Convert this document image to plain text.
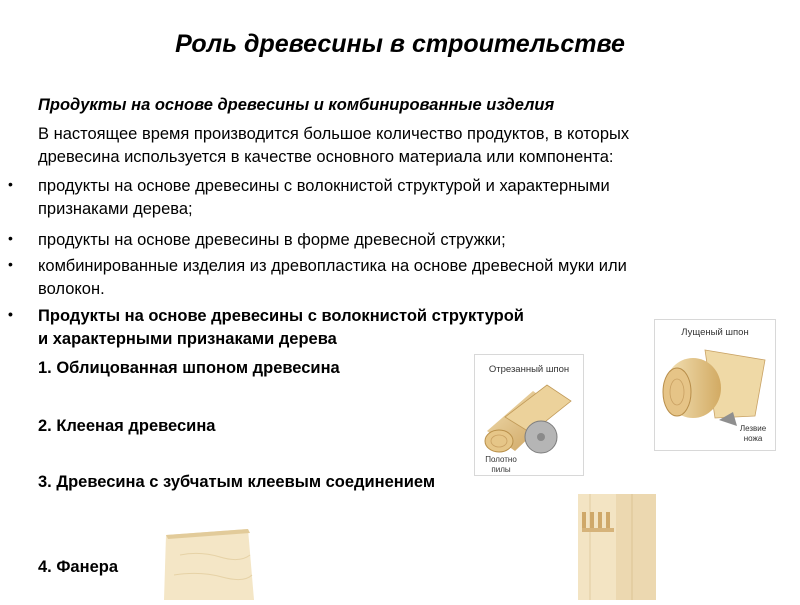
Роль древесины в строительстве
Продукты на основе древесины и комбинированные изделия
В настоящее время производится большое количество продуктов, в которых
древесина используется в качестве основного материала или компонента:
• продукты на основе древесины с волокнистой структурой и характерными
признаками дерева;
• продукты на основе древесины в форме древесной стружки;
• комбинированные изделия из древопластика на основе древесной муки или
волокон.
• Продукты на основе древесины с волокнистой структурой
и характерными признаками дерева
1. Облицованная шпоном древесина
2. Клееная древесина
3. Древесина с зубчатым клеевым соединением
4. Фанера
Отрезанный шпон
Полотно
пилы
Лущеный шпон
Лезвие
ножа
